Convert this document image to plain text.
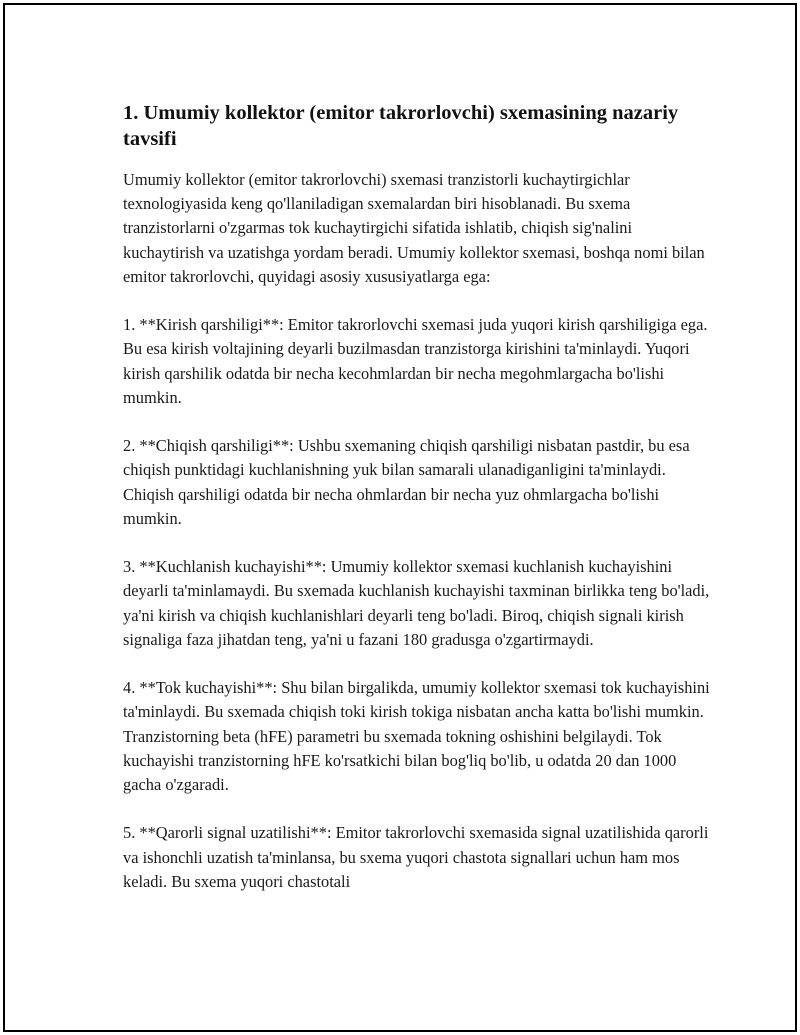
1. Umumiy kollektor (emitor takrorlovchi) sxemasining nazariy tavsifi

Umumiy kollektor (emitor takrorlovchi) sxemasi tranzistorli kuchaytirgichlar texnologiyasida keng qo'llaniladigan sxemalardan biri hisoblanadi. Bu sxema tranzistorlarni o'zgarmas tok kuchaytirgichi sifatida ishlatib, chiqish sig'nalini kuchaytirish va uzatishga yordam beradi. Umumiy kollektor sxemasi, boshqa nomi bilan emitor takrorlovchi, quyidagi asosiy xususiyatlarga ega:

1. **Kirish qarshiligi**: Emitor takrorlovchi sxemasi juda yuqori kirish qarshiligiga ega. Bu esa kirish voltajining deyarli buzilmasdan tranzistorga kirishini ta'minlaydi. Yuqori kirish qarshilik odatda bir necha kecohmlardan bir necha megohmlargacha bo'lishi mumkin.

2. **Chiqish qarshiligi**: Ushbu sxemaning chiqish qarshiligi nisbatan pastdir, bu esa chiqish punktidagi kuchlanishning yuk bilan samarali ulanadiganligini ta'minlaydi. Chiqish qarshiligi odatda bir necha ohmlardan bir necha yuz ohmlargacha bo'lishi mumkin.

3. **Kuchlanish kuchayishi**: Umumiy kollektor sxemasi kuchlanish kuchayishini deyarli ta'minlamaydi. Bu sxemada kuchlanish kuchayishi taxminan birlikka teng bo'ladi, ya'ni kirish va chiqish kuchlanishlari deyarli teng bo'ladi. Biroq, chiqish signali kirish signaliga faza jihatdan teng, ya'ni u fazani 180 gradusga o'zgartirmaydi.

4. **Tok kuchayishi**: Shu bilan birgalikda, umumiy kollektor sxemasi tok kuchayishini ta'minlaydi. Bu sxemada chiqish toki kirish tokiga nisbatan ancha katta bo'lishi mumkin. Tranzistorning beta (hFE) parametri bu sxemada tokning oshishini belgilaydi. Tok kuchayishi tranzistorning hFE ko'rsatkichi bilan bog'liq bo'lib, u odatda 20 dan 1000 gacha o'zgaradi.

5. **Qarorli signal uzatilishi**: Emitor takrorlovchi sxemasida signal uzatilishida qarorli va ishonchli uzatish ta'minlansa, bu sxema yuqori chastota signallari uchun ham mos keladi. Bu sxema yuqori chastotali
